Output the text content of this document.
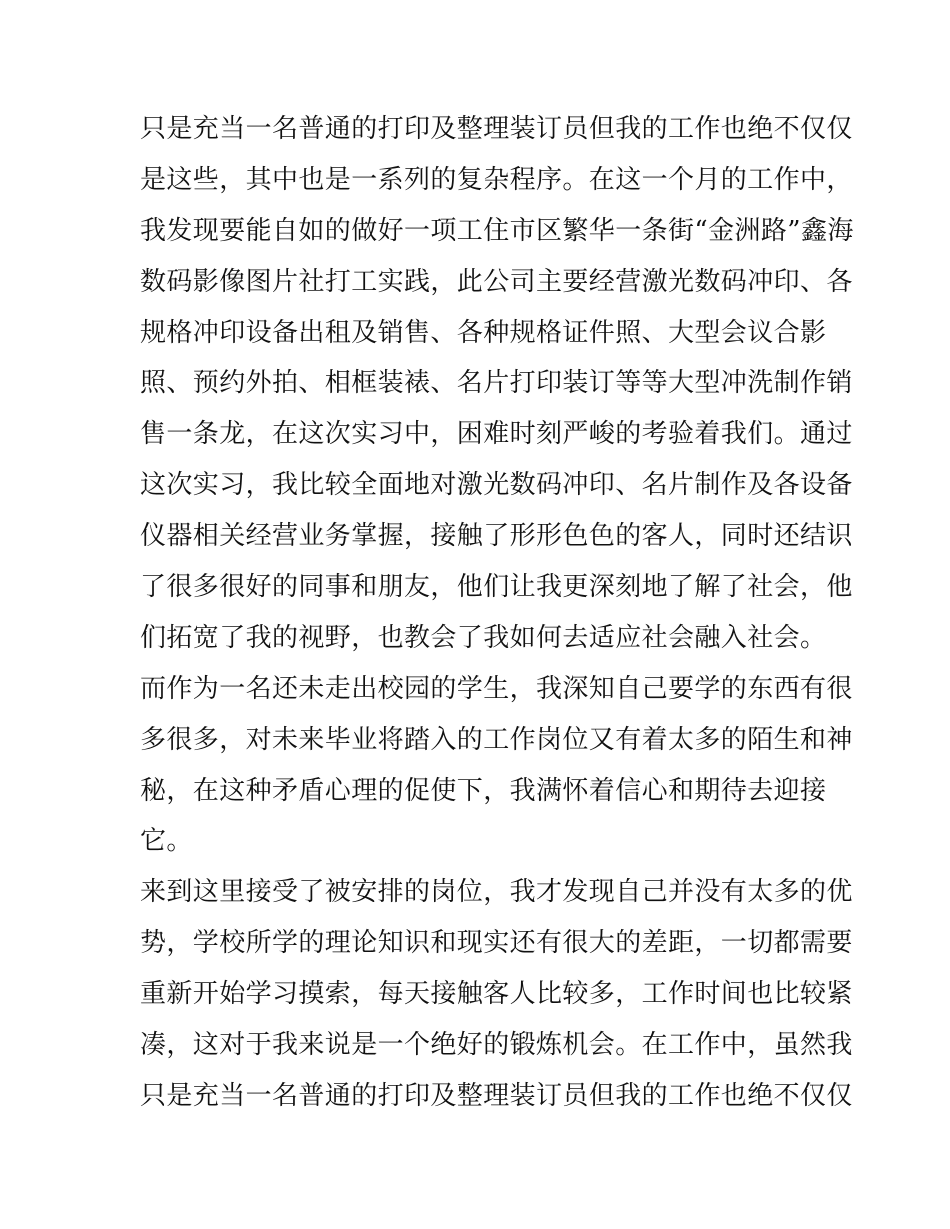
只是充当一名普通的打印及整理装订员但我的工作也绝不仅仅
是这些，其中也是一系列的复杂程序。在这一个月的工作中，
我发现要能自如的做好一项工住市区繁华一条街“金洲路”鑫海
数码影像图片社打工实践，此公司主要经营激光数码冲印、各
规格冲印设备出租及销售、各种规格证件照、大型会议合影
照、预约外拍、相框装裱、名片打印装订等等大型冲洗制作销
售一条龙，在这次实习中，困难时刻严峻的考验着我们。通过
这次实习，我比较全面地对激光数码冲印、名片制作及各设备
仪器相关经营业务掌握，接触了形形色色的客人，同时还结识
了很多很好的同事和朋友，他们让我更深刻地了解了社会，他
们拓宽了我的视野，也教会了我如何去适应社会融入社会。
而作为一名还未走出校园的学生，我深知自己要学的东西有很
多很多，对未来毕业将踏入的工作岗位又有着太多的陌生和神
秘，在这种矛盾心理的促使下，我满怀着信心和期待去迎接
它。
来到这里接受了被安排的岗位，我才发现自己并没有太多的优
势，学校所学的理论知识和现实还有很大的差距，一切都需要
重新开始学习摸索，每天接触客人比较多，工作时间也比较紧
凑，这对于我来说是一个绝好的锻炼机会。在工作中，虽然我
只是充当一名普通的打印及整理装订员但我的工作也绝不仅仅
